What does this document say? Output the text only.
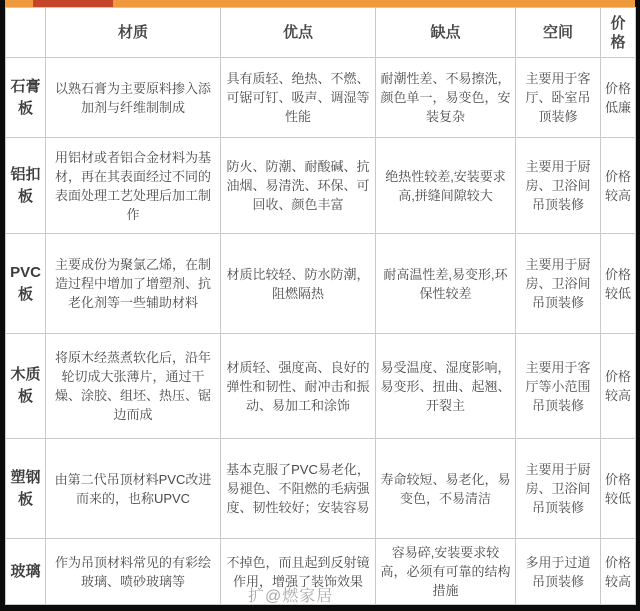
	材质	优点	缺点	空间	价格
石膏板	以熟石膏为主要原料掺入添加剂与纤维制制成	具有质轻、绝热、不燃、可锯可钉、吸声、调湿等性能	耐潮性差、不易擦洗，颜色单一，易变色，安装复杂	主要用于客厅、卧室吊顶装修	价格低廉
铝扣板	用铝材或者铝合金材料为基材，再在其表面经过不同的表面处理工艺处理后加工制作	防火、防潮、耐酸碱、抗油烟、易清洗、环保、可回收、颜色丰富	绝热性较差,安装要求高,拼缝间隙较大	主要用于厨房、卫浴间吊顶装修	价格较高
PVC板	主要成份为聚氯乙烯，在制造过程中增加了增塑剂、抗老化剂等一些辅助材料	材质比较轻、防水防潮，阻燃隔热	耐高温性差,易变形,环保性较差	主要用于厨房、卫浴间吊顶装修	价格较低
木质板	将原木经蒸煮软化后，沿年轮切成大张薄片，通过干燥、涂胶、组坯、热压、锯边而成	材质轻、强度高、良好的弹性和韧性、耐冲击和振动、易加工和涂饰	易受温度、湿度影响，易变形、扭曲、起翘、开裂主	主要用于客厅等小范围吊顶装修	价格较高
塑钢板	由第二代吊顶材料PVC改进而来的，也称UPVC	基本克服了PVC易老化，易褪色、不阻燃的毛病强度、韧性较好；安装容易	寿命较短、易老化，易变色，不易清洁	主要用于厨房、卫浴间吊顶装修	价格较低
玻璃	作为吊顶材料常见的有彩绘玻璃、喷砂玻璃等	不掉色，而且起到反射镜作用，增强了装饰效果	容易碎,安装要求较高，必须有可靠的结构措施	多用于过道吊顶装修	价格较高
扩@燃家居
